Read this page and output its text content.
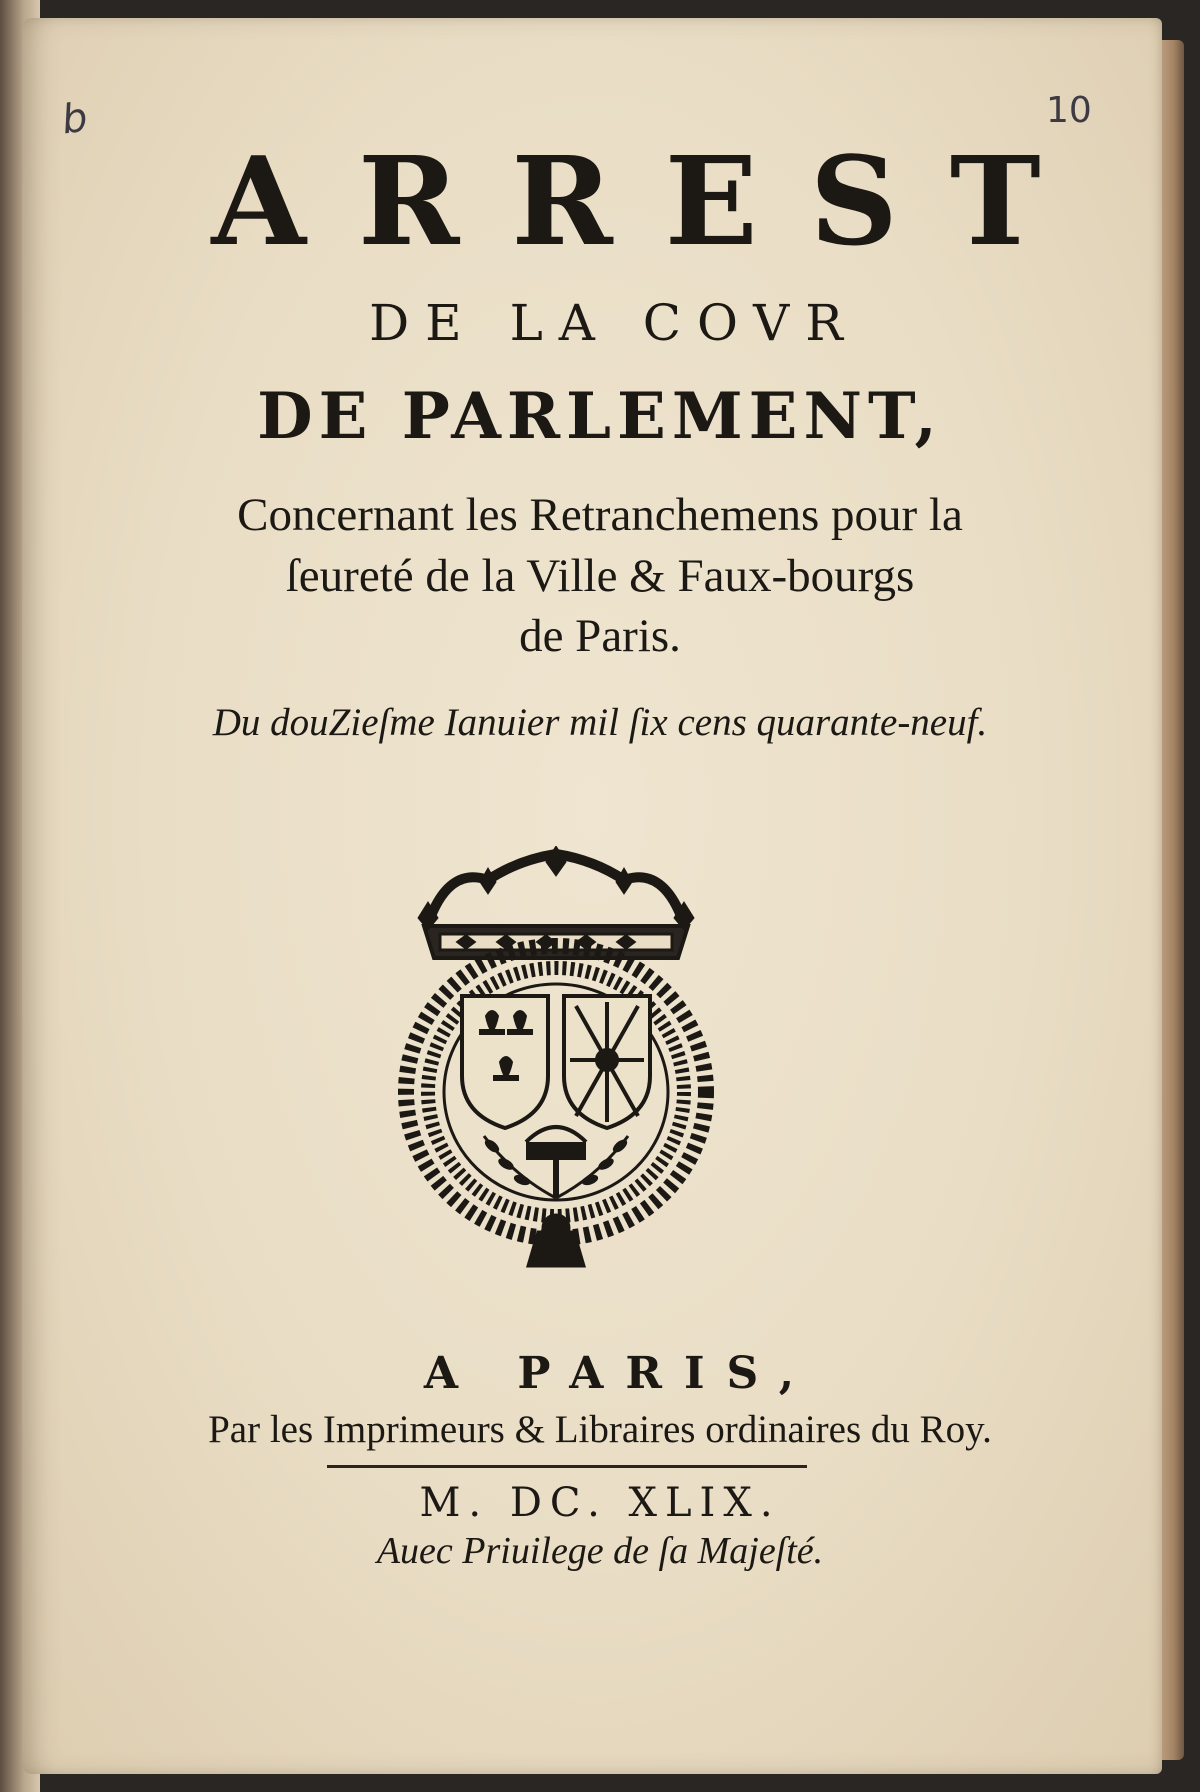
b	10
ARREST
DE LA COVR
DE PARLEMENT,
Concernant les Retranchemens pour la
ſeureté de la Ville & Faux-bourgs
de Paris.
Du douZieſme Ianuier mil ſix cens quarante-neuf.
A PARIS,
Par les Imprimeurs & Libraires ordinaires du Roy.
M. DC. XLIX.
Auec Priuilege de ſa Majeſté.
